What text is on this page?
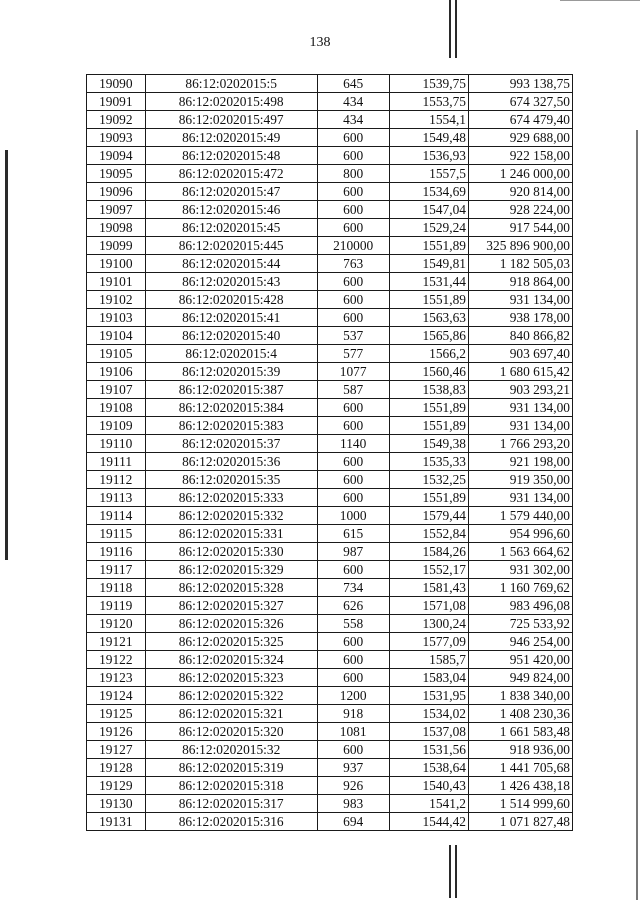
138
19090	86:12:0202015:5	645	1539,75	993 138,75
19091	86:12:0202015:498	434	1553,75	674 327,50
19092	86:12:0202015:497	434	1554,1	674 479,40
19093	86:12:0202015:49	600	1549,48	929 688,00
19094	86:12:0202015:48	600	1536,93	922 158,00
19095	86:12:0202015:472	800	1557,5	1 246 000,00
19096	86:12:0202015:47	600	1534,69	920 814,00
19097	86:12:0202015:46	600	1547,04	928 224,00
19098	86:12:0202015:45	600	1529,24	917 544,00
19099	86:12:0202015:445	210000	1551,89	325 896 900,00
19100	86:12:0202015:44	763	1549,81	1 182 505,03
19101	86:12:0202015:43	600	1531,44	918 864,00
19102	86:12:0202015:428	600	1551,89	931 134,00
19103	86:12:0202015:41	600	1563,63	938 178,00
19104	86:12:0202015:40	537	1565,86	840 866,82
19105	86:12:0202015:4	577	1566,2	903 697,40
19106	86:12:0202015:39	1077	1560,46	1 680 615,42
19107	86:12:0202015:387	587	1538,83	903 293,21
19108	86:12:0202015:384	600	1551,89	931 134,00
19109	86:12:0202015:383	600	1551,89	931 134,00
19110	86:12:0202015:37	1140	1549,38	1 766 293,20
19111	86:12:0202015:36	600	1535,33	921 198,00
19112	86:12:0202015:35	600	1532,25	919 350,00
19113	86:12:0202015:333	600	1551,89	931 134,00
19114	86:12:0202015:332	1000	1579,44	1 579 440,00
19115	86:12:0202015:331	615	1552,84	954 996,60
19116	86:12:0202015:330	987	1584,26	1 563 664,62
19117	86:12:0202015:329	600	1552,17	931 302,00
19118	86:12:0202015:328	734	1581,43	1 160 769,62
19119	86:12:0202015:327	626	1571,08	983 496,08
19120	86:12:0202015:326	558	1300,24	725 533,92
19121	86:12:0202015:325	600	1577,09	946 254,00
19122	86:12:0202015:324	600	1585,7	951 420,00
19123	86:12:0202015:323	600	1583,04	949 824,00
19124	86:12:0202015:322	1200	1531,95	1 838 340,00
19125	86:12:0202015:321	918	1534,02	1 408 230,36
19126	86:12:0202015:320	1081	1537,08	1 661 583,48
19127	86:12:0202015:32	600	1531,56	918 936,00
19128	86:12:0202015:319	937	1538,64	1 441 705,68
19129	86:12:0202015:318	926	1540,43	1 426 438,18
19130	86:12:0202015:317	983	1541,2	1 514 999,60
19131	86:12:0202015:316	694	1544,42	1 071 827,48
